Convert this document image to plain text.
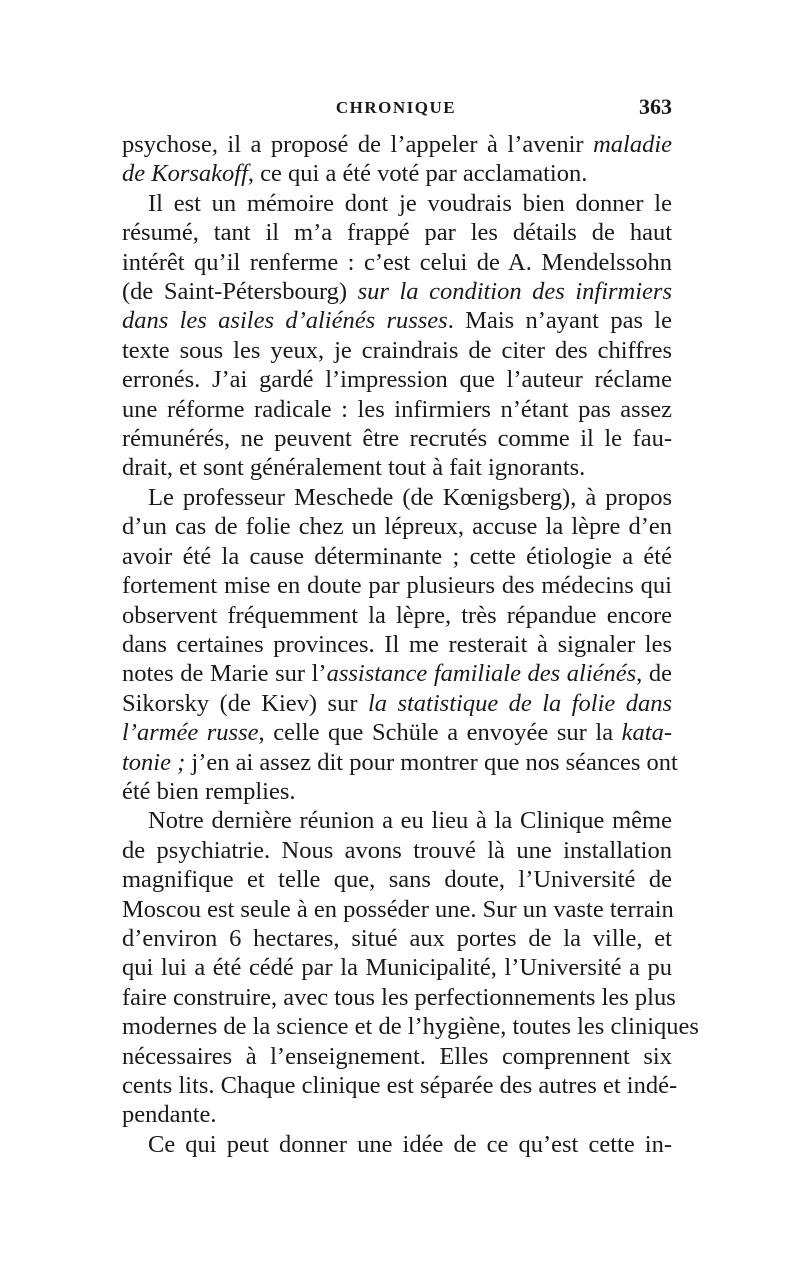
CHRONIQUE	363
psychose, il a proposé de l’appeler à l’avenir maladie
de Korsakoff, ce qui a été voté par acclamation.
Il est un mémoire dont je voudrais bien donner le
résumé, tant il m’a frappé par les détails de haut
intérêt qu’il renferme : c’est celui de A. Mendelssohn
(de Saint-Pétersbourg) sur la condition des infirmiers
dans les asiles d’aliénés russes. Mais n’ayant pas le
texte sous les yeux, je craindrais de citer des chiffres
erronés. J’ai gardé l’impression que l’auteur réclame
une réforme radicale : les infirmiers n’étant pas assez
rémunérés, ne peuvent être recrutés comme il le fau-
drait, et sont généralement tout à fait ignorants.
Le professeur Meschede (de Kœnigsberg), à propos
d’un cas de folie chez un lépreux, accuse la lèpre d’en
avoir été la cause déterminante ; cette étiologie a été
fortement mise en doute par plusieurs des médecins qui
observent fréquemment la lèpre, très répandue encore
dans certaines provinces. Il me resterait à signaler les
notes de Marie sur l’assistance familiale des aliénés, de
Sikorsky (de Kiev) sur la statistique de la folie dans
l’armée russe, celle que Schüle a envoyée sur la kata-
tonie ; j’en ai assez dit pour montrer que nos séances ont
été bien remplies.
Notre dernière réunion a eu lieu à la Clinique même
de psychiatrie. Nous avons trouvé là une installation
magnifique et telle que, sans doute, l’Université de
Moscou est seule à en posséder une. Sur un vaste terrain
d’environ 6 hectares, situé aux portes de la ville, et
qui lui a été cédé par la Municipalité, l’Université a pu
faire construire, avec tous les perfectionnements les plus
modernes de la science et de l’hygiène, toutes les cliniques
nécessaires à l’enseignement. Elles comprennent six
cents lits. Chaque clinique est séparée des autres et indé-
pendante.
Ce qui peut donner une idée de ce qu’est cette in-
